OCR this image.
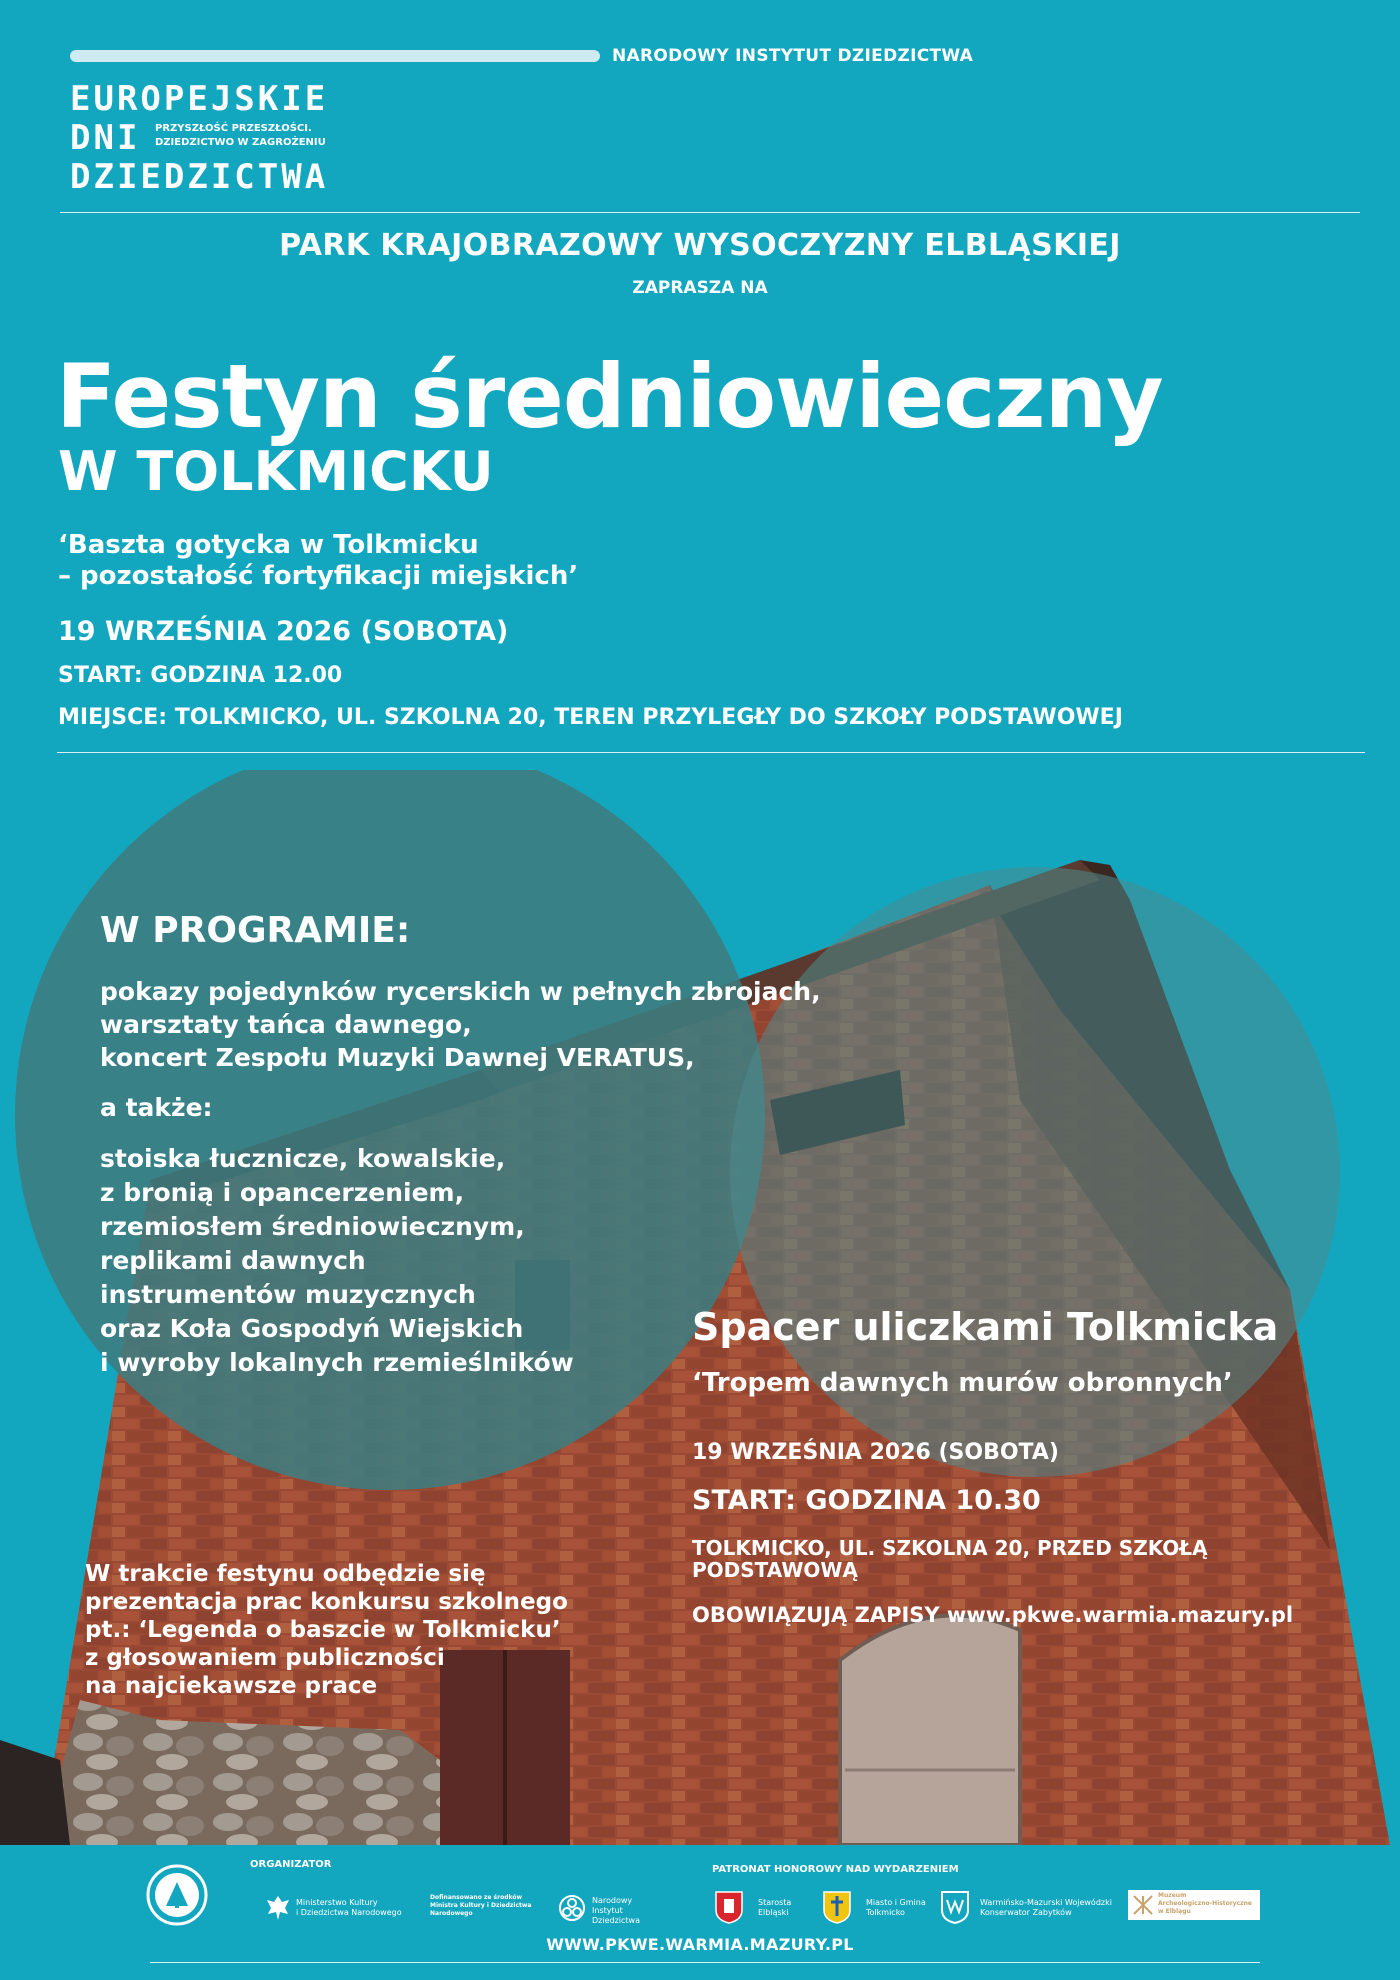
NARODOWY INSTYTUT DZIEDZICTWA
EUROPEJSKIE
DNI
DZIEDZICTWA
PRZYSZŁOŚĆ PRZESZŁOŚCI.
DZIEDZICTWO W ZAGROŻENIU
PARK KRAJOBRAZOWY WYSOCZYZNY ELBLĄSKIEJ
ZAPRASZA NA
Festyn średniowieczny
W TOLKMICKU
‘Baszta gotycka w Tolkmicku
– pozostałość fortyfikacji miejskich’
19 WRZEŚNIA 2026 (SOBOTA)
START: GODZINA 12.00
MIEJSCE: TOLKMICKO, UL. SZKOLNA 20, TEREN PRZYLEGŁY DO SZKOŁY PODSTAWOWEJ
W PROGRAMIE:
pokazy pojedynków rycerskich w pełnych zbrojach,
warsztaty tańca dawnego,
koncert Zespołu Muzyki Dawnej VERATUS,
a także:
stoiska łucznicze, kowalskie,
z bronią i opancerzeniem,
rzemiosłem średniowiecznym,
replikami dawnych
instrumentów muzycznych
oraz Koła Gospodyń Wiejskich
i wyroby lokalnych rzemieślników
Spacer uliczkami Tolkmicka
‘Tropem dawnych murów obronnych’
19 WRZEŚNIA 2026 (SOBOTA)
START: GODZINA 10.30
TOLKMICKO, UL. SZKOLNA 20, PRZED SZKOŁĄ
PODSTAWOWĄ
OBOWIĄZUJĄ ZAPISY www.pkwe.warmia.mazury.pl
W trakcie festynu odbędzie się
prezentacja prac konkursu szkolnego
pt.: ‘Legenda o baszcie w Tolkmicku’
z głosowaniem publiczności
na najciekawsze prace
ORGANIZATOR	PATRONAT HONOROWY NAD WYDARZENIEM
Ministerstwo Kultury
i Dziedzictwa Narodowego
Dofinansowano ze środków
Ministra Kultury i Dziedzictwa
Narodowego
Narodowy
Instytut
Dziedzictwa
Starosta
Elbląski
Miasto i Gmina
Tolkmicko
Warmińsko-Mazurski Wojewódzki
Konserwator Zabytków
Muzeum
Archeologiczno-Historyczne
w Elblągu
WWW.PKWE.WARMIA.MAZURY.PL
